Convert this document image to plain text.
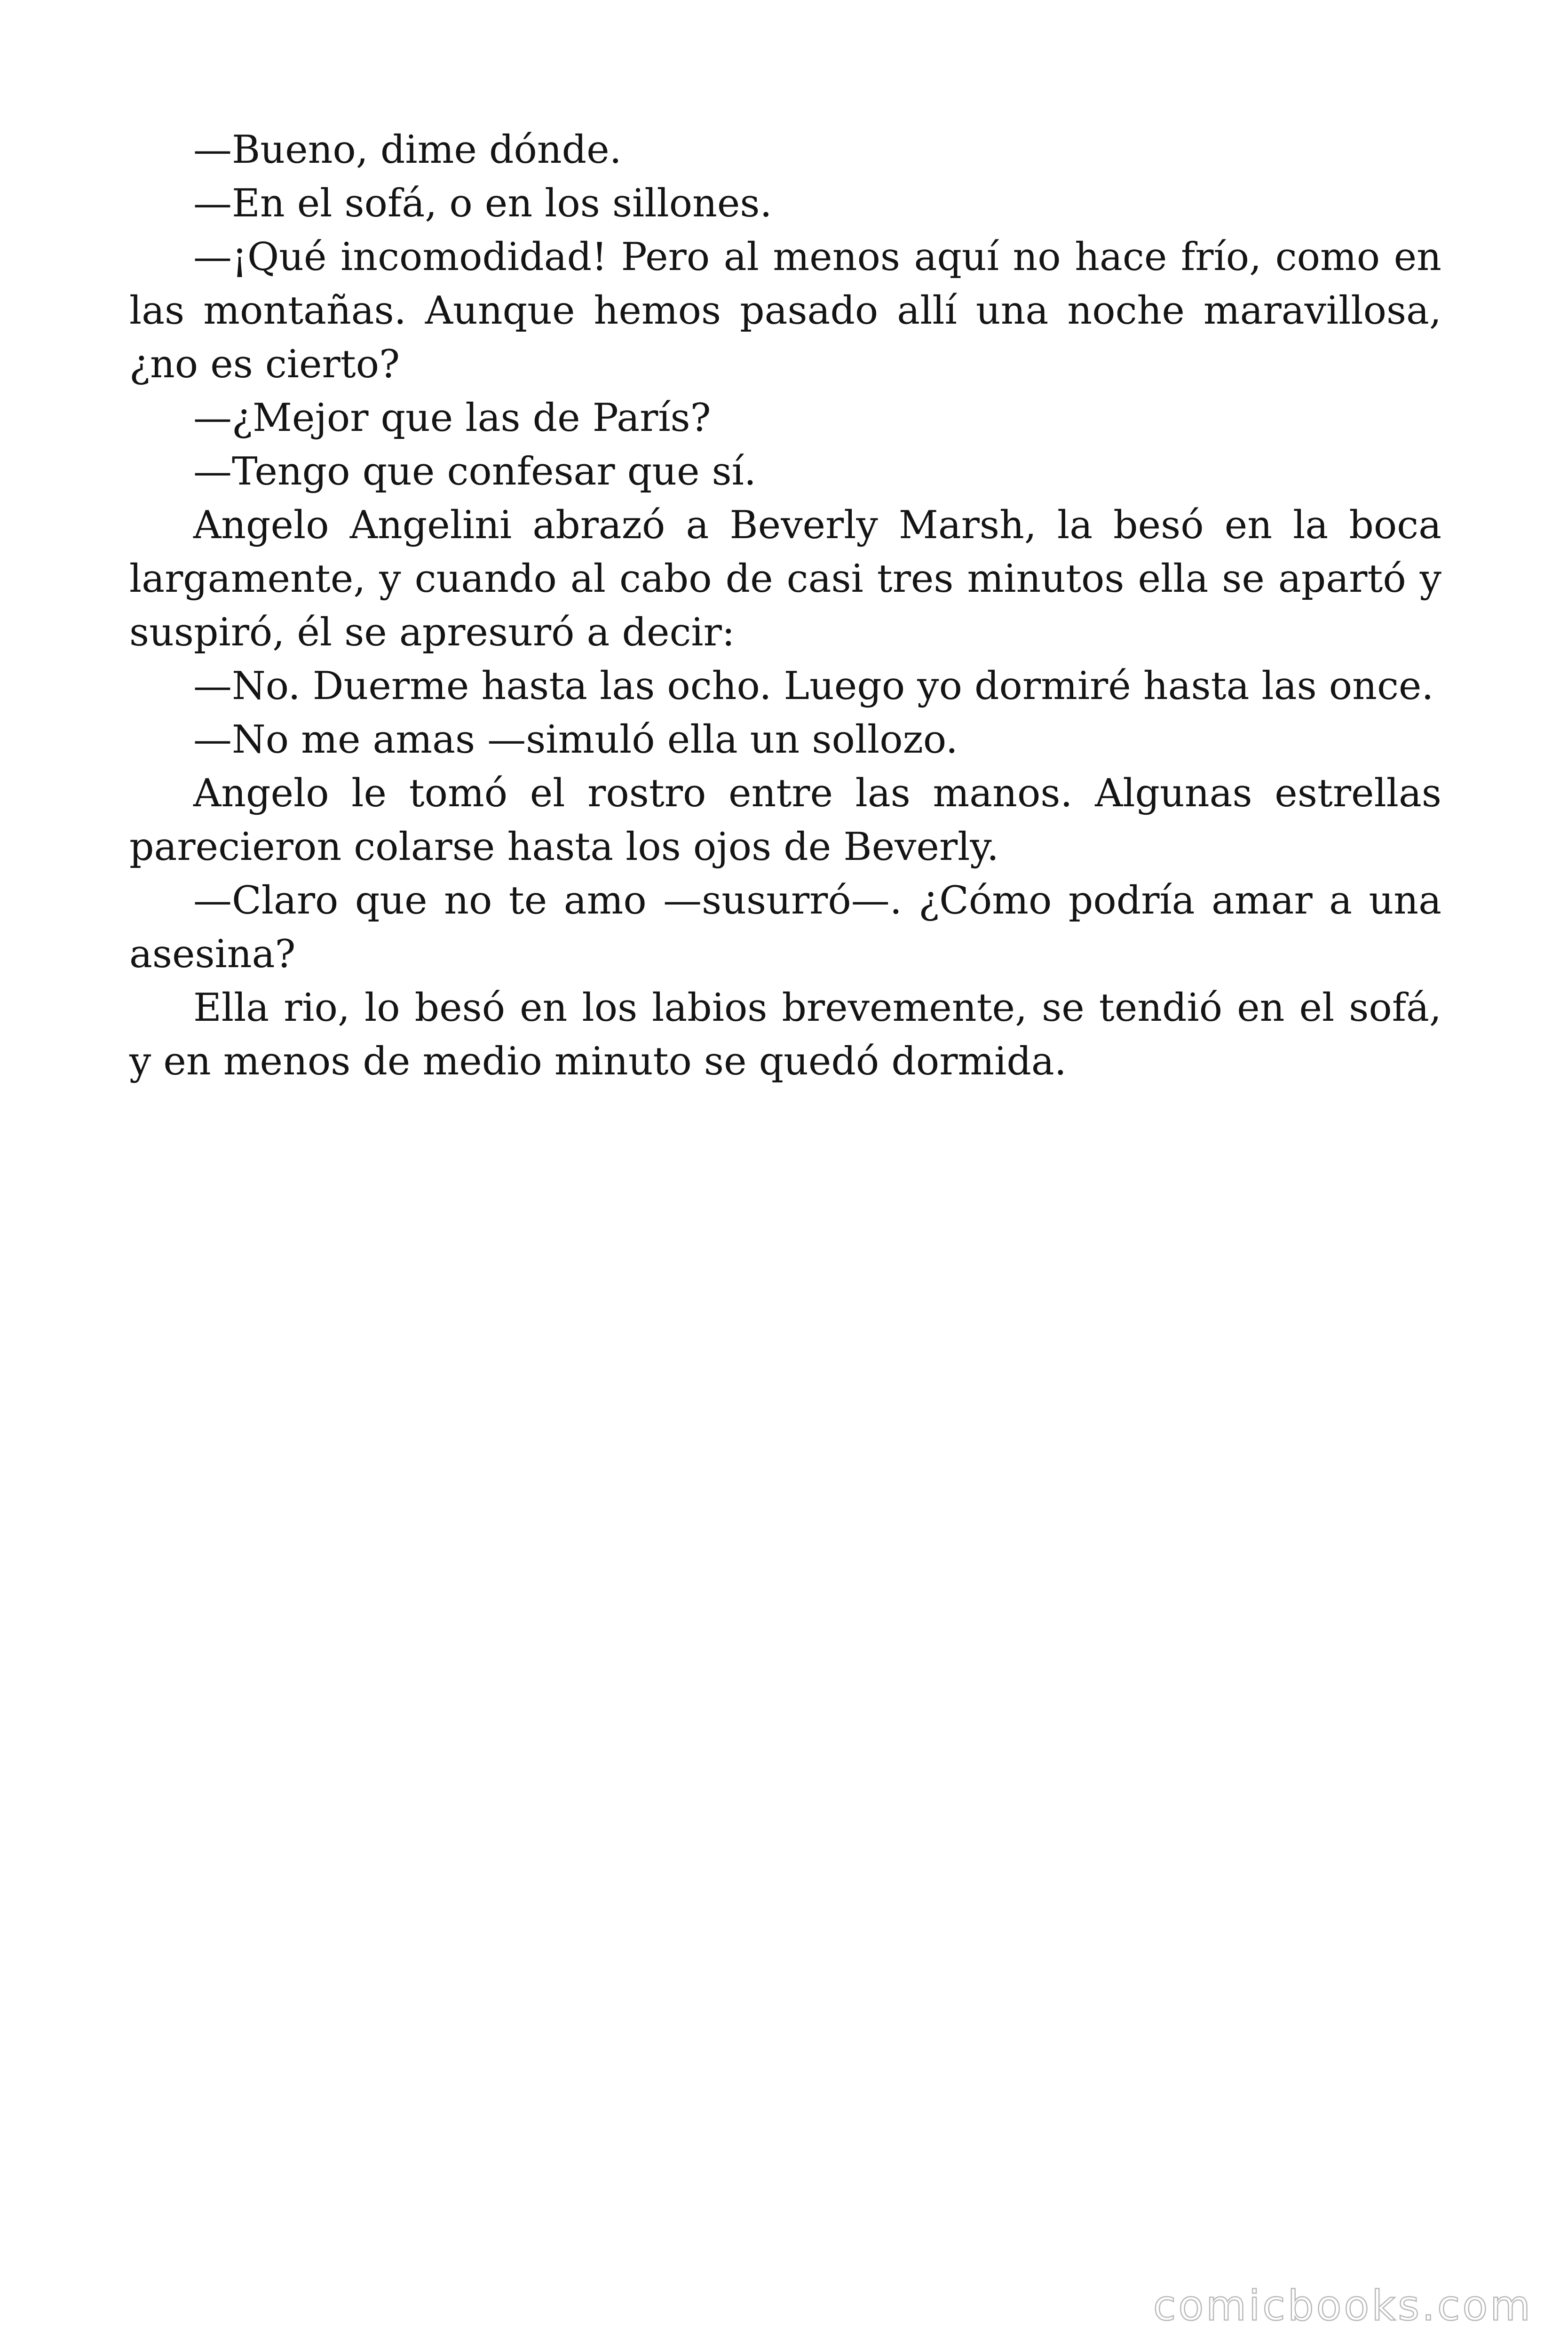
—Bueno, dime dónde.

—En el sofá, o en los sillones.

—¡Qué incomodidad! Pero al menos aquí no hace frío, como en las montañas. Aunque hemos pasado allí una noche maravillosa, ¿no es cierto?

—¿Mejor que las de París?

—Tengo que confesar que sí.

Angelo Angelini abrazó a Beverly Marsh, la besó en la boca largamente, y cuando al cabo de casi tres minutos ella se apartó y suspiró, él se apresuró a decir:

—No. Duerme hasta las ocho. Luego yo dormiré hasta las once.

—No me amas —simuló ella un sollozo.

Angelo le tomó el rostro entre las manos. Algunas estrellas parecieron colarse hasta los ojos de Beverly.

—Claro que no te amo —susurró—. ¿Cómo podría amar a una asesina?

Ella rio, lo besó en los labios brevemente, se tendió en el sofá, y en menos de medio minuto se quedó dormida.

comicbooks.com
